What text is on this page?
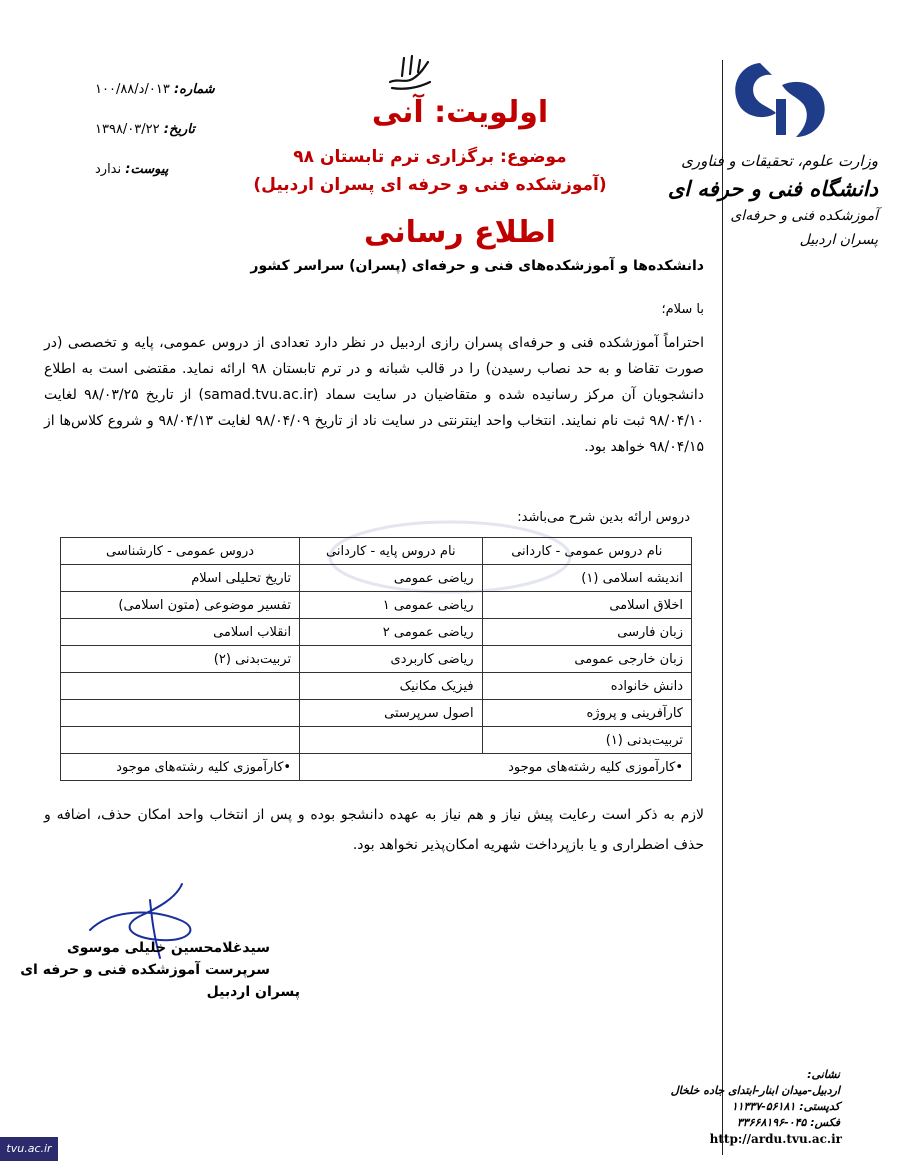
وزارت علوم، تحقیقات و فناوری
دانشگاه فنی و حرفه ای
آموزشکده فنی و حرفه‌ای
پسران اردبیل
شماره: ۰۱۳/د/۱۰۰/۸۸
تاریخ: ۱۳۹۸/۰۳/۲۲
پیوست: ندارد
اولویت: آنی
موضوع: برگزاری ترم تابستان ۹۸
(آموزشکده فنی و حرفه ای پسران اردبیل)
اطلاع رسانی
دانشکده‌ها و آموزشکده‌های فنی و حرفه‌ای (پسران) سراسر کشور
با سلام؛
احتراماً آموزشکده فنی و حرفه‌ای پسران رازی اردبیل در نظر دارد تعدادی از دروس عمومی، پایه و تخصصی (در صورت تقاضا و به حد نصاب رسیدن) را در قالب شبانه و در ترم تابستان ۹۸ ارائه نماید. مقتضی است به اطلاع دانشجویان آن مرکز رسانیده شده و متقاضیان در سایت سماد (samad.tvu.ac.ir) از تاریخ ۹۸/۰۳/۲۵ لغایت ۹۸/۰۴/۱۰ ثبت نام نمایند. انتخاب واحد اینترنتی در سایت ناد از تاریخ ۹۸/۰۴/۰۹ لغایت ۹۸/۰۴/۱۳ و شروع کلاس‌ها از ۹۸/۰۴/۱۵ خواهد بود.
دروس ارائه بدین شرح می‌باشد:
نام دروس عمومی - کاردانی	نام دروس پایه - کاردانی	دروس عمومی - کارشناسی
اندیشه اسلامی (۱)	ریاضی عمومی	تاریخ تحلیلی اسلام
اخلاق اسلامی	ریاضی عمومی ۱	تفسیر موضوعی (متون اسلامی)
زبان فارسی	ریاضی عمومی ۲	انقلاب اسلامی
زبان خارجی عمومی	ریاضی کاربردی	تربیت‌بدنی (۲)
دانش خانواده	فیزیک مکانیک	
کارآفرینی و پروژه	اصول سرپرستی	
تربیت‌بدنی (۱)		
•کارآموزی کلیه رشته‌های موجود		•کارآموزی کلیه رشته‌های موجود
لازم به ذکر است رعایت پیش نیاز و هم نیاز به عهده دانشجو بوده و پس از انتخاب واحد امکان حذف، اضافه و حذف اضطراری و یا بازپرداخت شهریه امکان‌پذیر نخواهد بود.
سیدغلامحسین خلیلی موسوی
سرپرست آموزشکده فنی و حرفه ای
پسران اردبیل
نشانی:
اردبیل-میدان ابنار-ابتدای جاده خلخال
کدپستی: ۵۶۱۸۱-۱۱۳۳۷
فکس: ۰۴۵-۳۳۶۶۸۱۹۶
http://ardu.tvu.ac.ir
tvu.ac.ir
